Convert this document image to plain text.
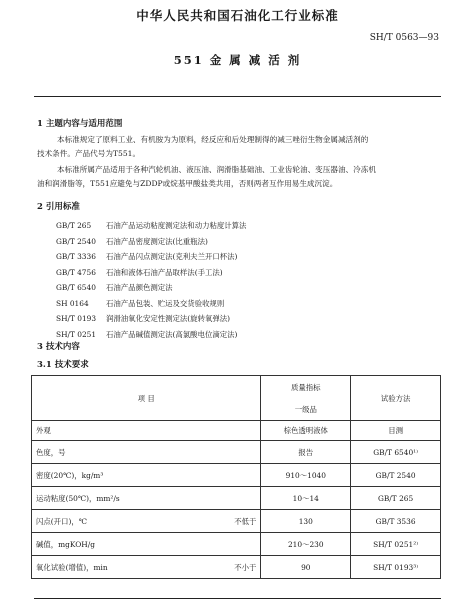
中华人民共和国石油化工行业标准
SH/T 0563—93
551 金 属 减 活 剂
1 主题内容与适用范围
本标准规定了原料工业、有机胺为为原料，经反应和后处理制得的减三唑衍生物金属减活剂的
技术条件。产品代号为T551。
本标准所属产品适用于各种汽轮机油、液压油、润滑脂基础油、工业齿轮油、变压器油、冷冻机
油和润滑脂等，T551应避免与ZDDP或烷基甲酸盐类共用，否则两者互作用易生成沉淀。
2 引用标准
GB/T 265 石油产品运动粘度测定法和动力粘度计算法
GB/T 2540 石油产品密度测定法(比重瓶法)
GB/T 3336 石油产品闪点测定法(克利夫兰开口杯法)
GB/T 4756 石油和液体石油产品取样法(手工法)
GB/T 6540 石油产品颜色测定法
SH 0164 石油产品包装、贮运及交货验收规则
SH/T 0193 润滑油氧化安定性测定法(旋转氧弹法)
SH/T 0251 石油产品碱值测定法(高氯酸电位滴定法)
3 技术内容
3.1 技术要求
项 目	质量指标	试验方法
	一级品	
外观	棕色透明液体	目测
色度，号	报告	GB/T 6540¹⁾
密度(20℃)，kg/m³	910～1040	GB/T 2540
运动粘度(50℃)，mm²/s	10～14	GB/T 265
闪点(开口)，℃ 不低于	130	GB/T 3536
碱值，mgKOH/g	210～230	SH/T 0251²⁾
氧化试验(增值)，min 不小于	90	SH/T 0193³⁾
